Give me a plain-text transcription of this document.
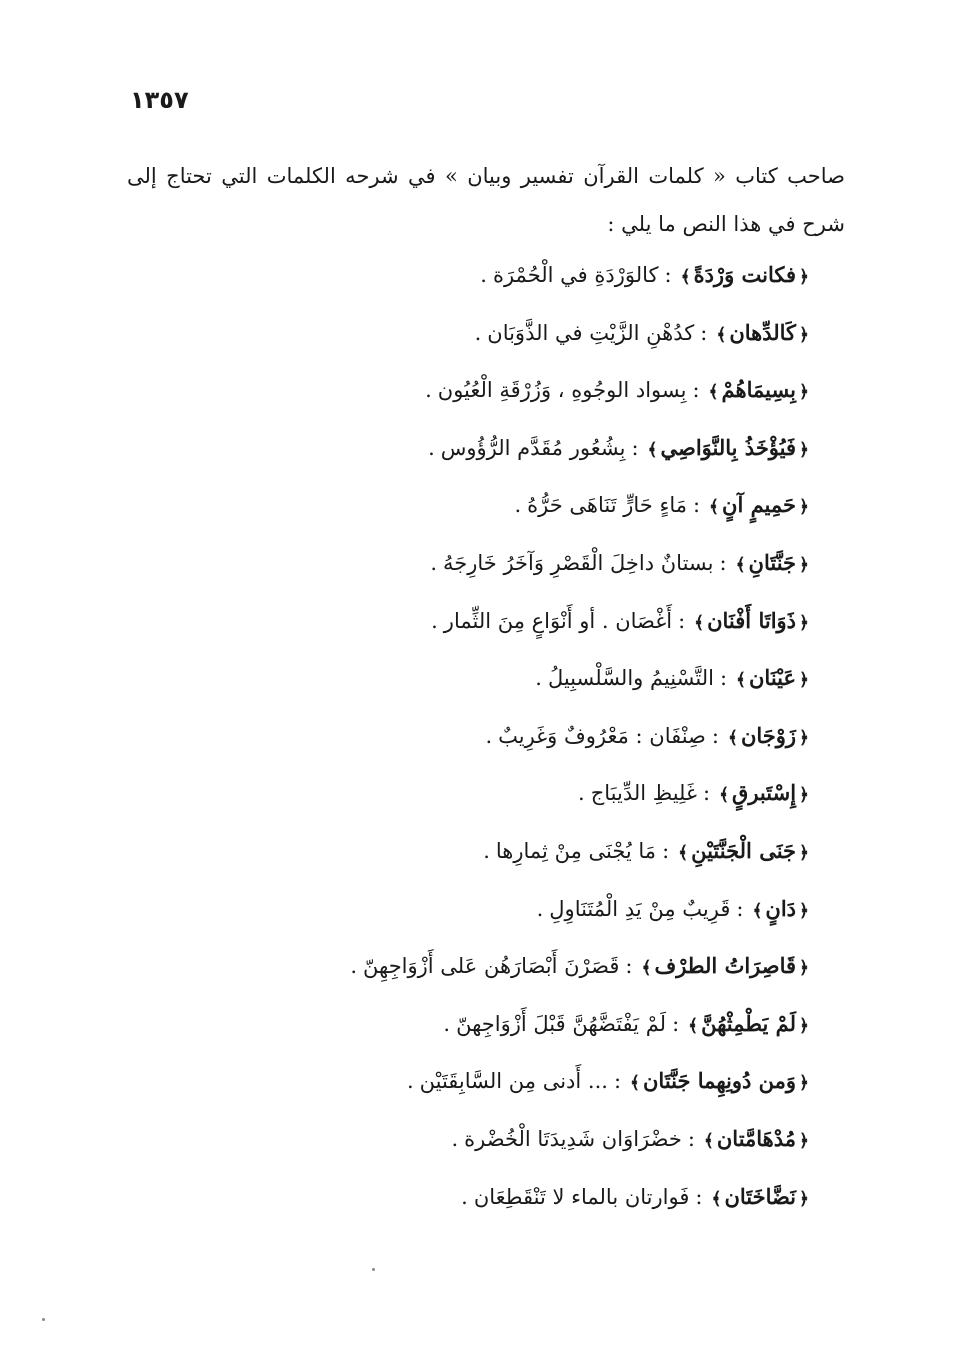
١٣٥٧

صاحب كتاب « كلمات القرآن تفسير وبيان » في شرحه الكلمات التي تحتاج إلى شرح في هذا النص ما يلي :

﴿فكانت وَرْدَةً﴾:كالوَرْدَةِ في الْحُمْرَة.
﴿كَالدِّهان﴾:كدُهْنِ الزَّيْتِ في الذَّوَبَان.
﴿بِسِيمَاهُمْ﴾:بِسواد الوجُوهِ ، وَزُرْقَةِ الْعُيُون.
﴿فَيُؤْخَذُ بِالنَّوَاصِي﴾:بِشُعُور مُقَدَّم الرُّؤُوس.
﴿حَمِيمٍ آنٍ﴾:مَاءٍ حَارٍّ تَنَاهَى حَرُّهُ.
﴿جَنَّتَانِ﴾:بستانٌ داخِلَ الْقَصْرِ وَآخَرُ خَارِجَهُ.
﴿ذَوَاتَا أَفْنَان﴾:أَغْصَان . أو أَنْوَاعٍ مِنَ الثِّمار.
﴿عَيْنَان﴾:التَّسْنِيمُ والسَّلْسبِيلُ.
﴿زَوْجَان﴾:صِنْفَان : مَعْرُوفٌ وَغَرِيبٌ.
﴿إِسْتَبرقٍ﴾:غَلِيظِ الدِّيبَاج.
﴿جَنَى الْجَنَّتَيْنِ﴾:مَا يُجْنَى مِنْ ثِمارِها.
﴿دَانٍ﴾:قَرِيبٌ مِنْ يَدِ الْمُتَنَاوِلِ.
﴿قَاصِرَاتُ الطرْف﴾:قَصَرْنَ أَبْصَارَهُن عَلى أَزْوَاجِهِنّ.
﴿لَمْ يَطْمِثْهُنَّ﴾:لَمْ يَفْتَضَّهُنَّ قَبْلَ أَزْوَاجِهنّ.
﴿وَمن دُونِهِما جَنَّتَان﴾:... أَدنى مِن السَّابِقَتَيْن.
﴿مُدْهَامَّتان﴾:خضْرَاوَان شَدِيدَتَا الْخُضْرة.
﴿نَضَّاخَتَان﴾:فَوارتان بالماء لا تَنْقَطِعَان.
